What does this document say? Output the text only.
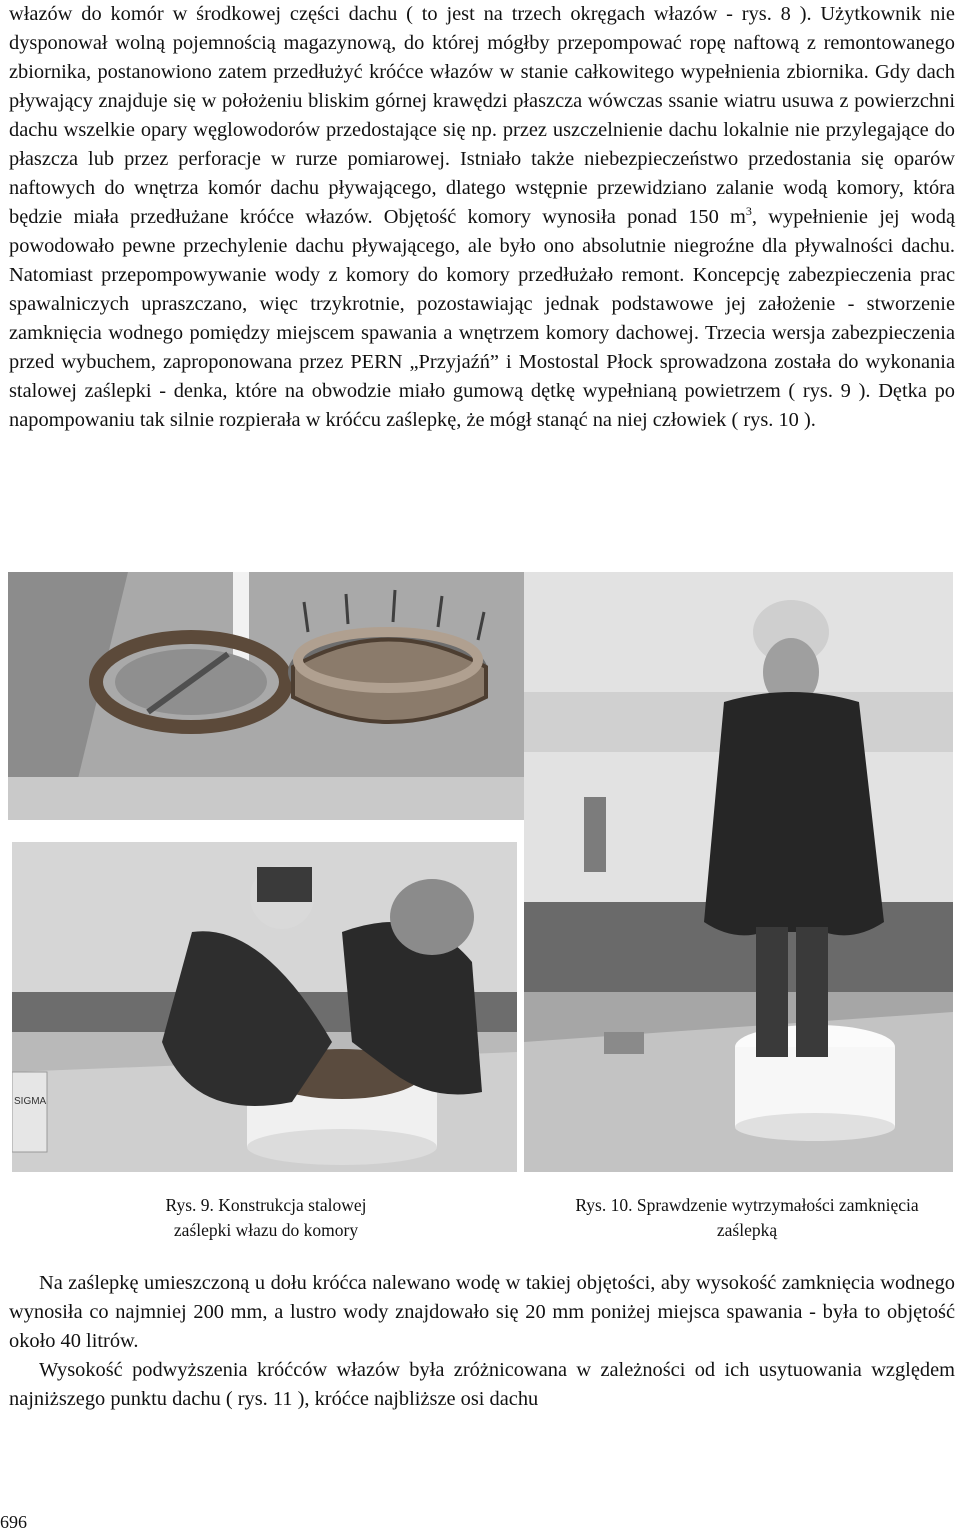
włazów do komór w środkowej części dachu ( to jest na trzech okręgach włazów - rys. 8 ). Użytkownik nie dysponował wolną pojemnością magazynową, do której mógłby przepompować ropę naftową z remontowanego zbiornika, postanowiono zatem przedłużyć króćce włazów w stanie całkowitego wypełnienia zbiornika. Gdy dach pływający znajduje się w położeniu bliskim górnej krawędzi płaszcza wówczas ssanie wiatru usuwa z powierzchni dachu wszelkie opary węglowodorów przedostające się np. przez uszczelnienie dachu lokalnie nie przylegające do płaszcza lub przez perforacje w rurze pomiarowej. Istniało także niebezpieczeństwo przedostania się oparów naftowych do wnętrza komór dachu pływającego, dlatego wstępnie przewidziano zalanie wodą komory, która będzie miała przedłużane króćce włazów. Objętość komory wynosiła ponad 150 $m^3$, wypełnienie jej wodą powodowało pewne przechylenie dachu pływającego, ale było ono absolutnie niegroźne dla pływalności dachu. Natomiast przepompowywanie wody z komory do komory przedłużało remont. Koncepcję zabezpieczenia prac spawalniczych upraszczano, więc trzykrotnie, pozostawiając jednak podstawowe jej założenie - stworzenie zamknięcia wodnego pomiędzy miejscem spawania a wnętrzem komory dachowej. Trzecia wersja zabezpieczenia przed wybuchem, zaproponowana przez PERN „Przyjaźń” i Mostostal Płock sprowadzona została do wykonania stalowej zaślepki - denka, które na obwodzie miało gumową dętkę wypełnianą powietrzem ( rys. 9 ). Dętka po napompowaniu tak silnie rozpierała w króćcu zaślepkę, że mógł stanąć na niej człowiek ( rys. 10 ).

SIGMA
Rys. 9. Konstrukcja stalowej
zaślepki włazu do komory
Rys. 10. Sprawdzenie wytrzymałości zamknięcia
zaślepką

Na zaślepkę umieszczoną u dołu króćca nalewano wodę w takiej objętości, aby wysokość zamknięcia wodnego wynosiła co najmniej 200 mm, a lustro wody znajdowało się 20 mm poniżej miejsca spawania - była to objętość około 40 litrów.

Wysokość podwyższenia króćców włazów była zróżnicowana w zależności od ich usytuowania względem najniższego punktu dachu ( rys. 11 ), króćce najbliższe osi dachu

696
